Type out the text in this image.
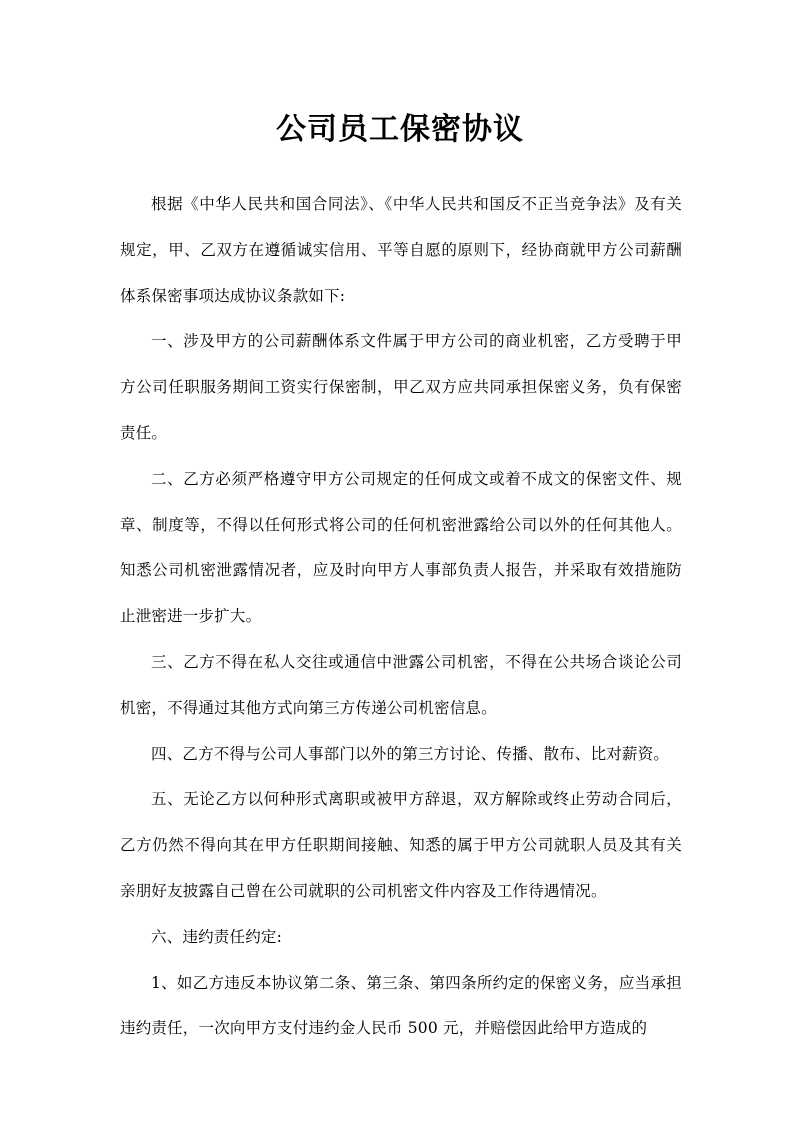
公司员工保密协议

根据《中华人民共和国合同法》、《中华人民共和国反不正当竞争法》及有关规定，甲、乙双方在遵循诚实信用、平等自愿的原则下，经协商就甲方公司薪酬体系保密事项达成协议条款如下:

一、涉及甲方的公司薪酬体系文件属于甲方公司的商业机密，乙方受聘于甲方公司任职服务期间工资实行保密制，甲乙双方应共同承担保密义务，负有保密责任。

二、乙方必须严格遵守甲方公司规定的任何成文或着不成文的保密文件、规章、制度等，不得以任何形式将公司的任何机密泄露给公司以外的任何其他人。知悉公司机密泄露情况者，应及时向甲方人事部负责人报告，并采取有效措施防止泄密进一步扩大。

三、乙方不得在私人交往或通信中泄露公司机密，不得在公共场合谈论公司机密，不得通过其他方式向第三方传递公司机密信息。

四、乙方不得与公司人事部门以外的第三方讨论、传播、散布、比对薪资。

五、无论乙方以何种形式离职或被甲方辞退，双方解除或终止劳动合同后，乙方仍然不得向其在甲方任职期间接触、知悉的属于甲方公司就职人员及其有关亲朋好友披露自己曾在公司就职的公司机密文件内容及工作待遇情况。

六、违约责任约定:

1、如乙方违反本协议第二条、第三条、第四条所约定的保密义务，应当承担违约责任，一次向甲方支付违约金人民币 500 元，并赔偿因此给甲方造成的
